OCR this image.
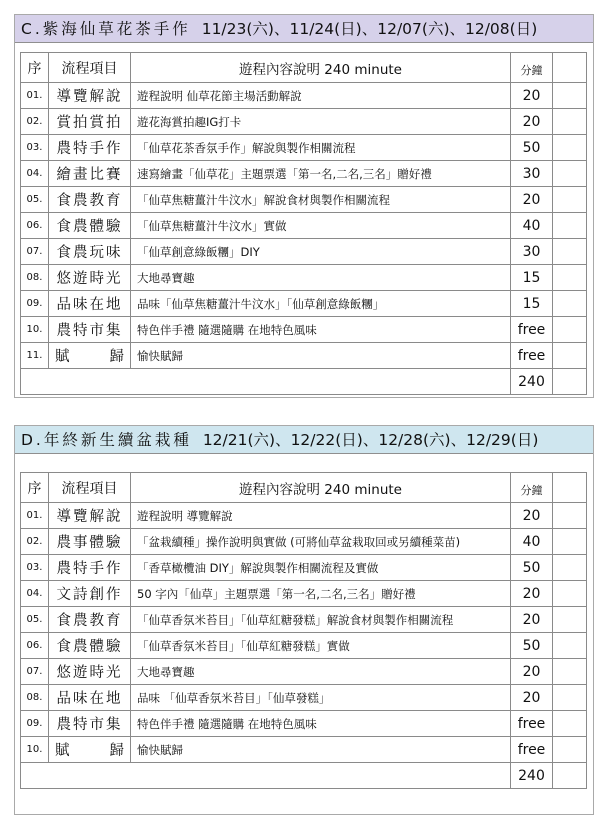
C.紫海仙草花茶手作 11/23(六)、11/24(日)、12/07(六)、12/08(日)
序	流程項目	遊程內容說明 240 minute	分鐘	
01.	導覽解說	遊程說明 仙草花節主場活動解說	20	
02.	賞拍賞拍	遊花海賞拍趣IG打卡	20	
03.	農特手作	「仙草花茶香氛手作」解說與製作相關流程	50	
04.	繪畫比賽	速寫繪畫「仙草花」主題票選「第一名,二名,三名」贈好禮	30	
05.	食農教育	「仙草焦糖薑汁牛汶水」解說食材與製作相關流程	20	
06.	食農體驗	「仙草焦糖薑汁牛汶水」實做	40	
07.	食農玩味	「仙草創意綠飯糰」DIY	30	
08.	悠遊時光	大地尋寶趣	15	
09.	品味在地	品味「仙草焦糖薑汁牛汶水」「仙草創意綠飯糰」	15	
10.	農特市集	特色伴手禮 隨選隨購 在地特色風味	free	
11.	賦歸	愉快賦歸	free	
			240	
D.年終新生續盆栽種 12/21(六)、12/22(日)、12/28(六)、12/29(日)
序	流程項目	遊程內容說明 240 minute	分鐘	
01.	導覽解說	遊程說明 導覽解說	20	
02.	農事體驗	「盆栽續種」操作說明與實做 (可將仙草盆栽取回或另續種菜苗)	40	
03.	農特手作	「香草橄欖油 DIY」解說與製作相關流程及實做	50	
04.	文詩創作	50 字內「仙草」主題票選「第一名,二名,三名」贈好禮	20	
05.	食農教育	「仙草香氛米苔目」「仙草紅糖發糕」解說食材與製作相關流程	20	
06.	食農體驗	「仙草香氛米苔目」「仙草紅糖發糕」實做	50	
07.	悠遊時光	大地尋寶趣	20	
08.	品味在地	品味 「仙草香氛米苔目」「仙草發糕」	20	
09.	農特市集	特色伴手禮 隨選隨購 在地特色風味	free	
10.	賦歸	愉快賦歸	free	
			240	
